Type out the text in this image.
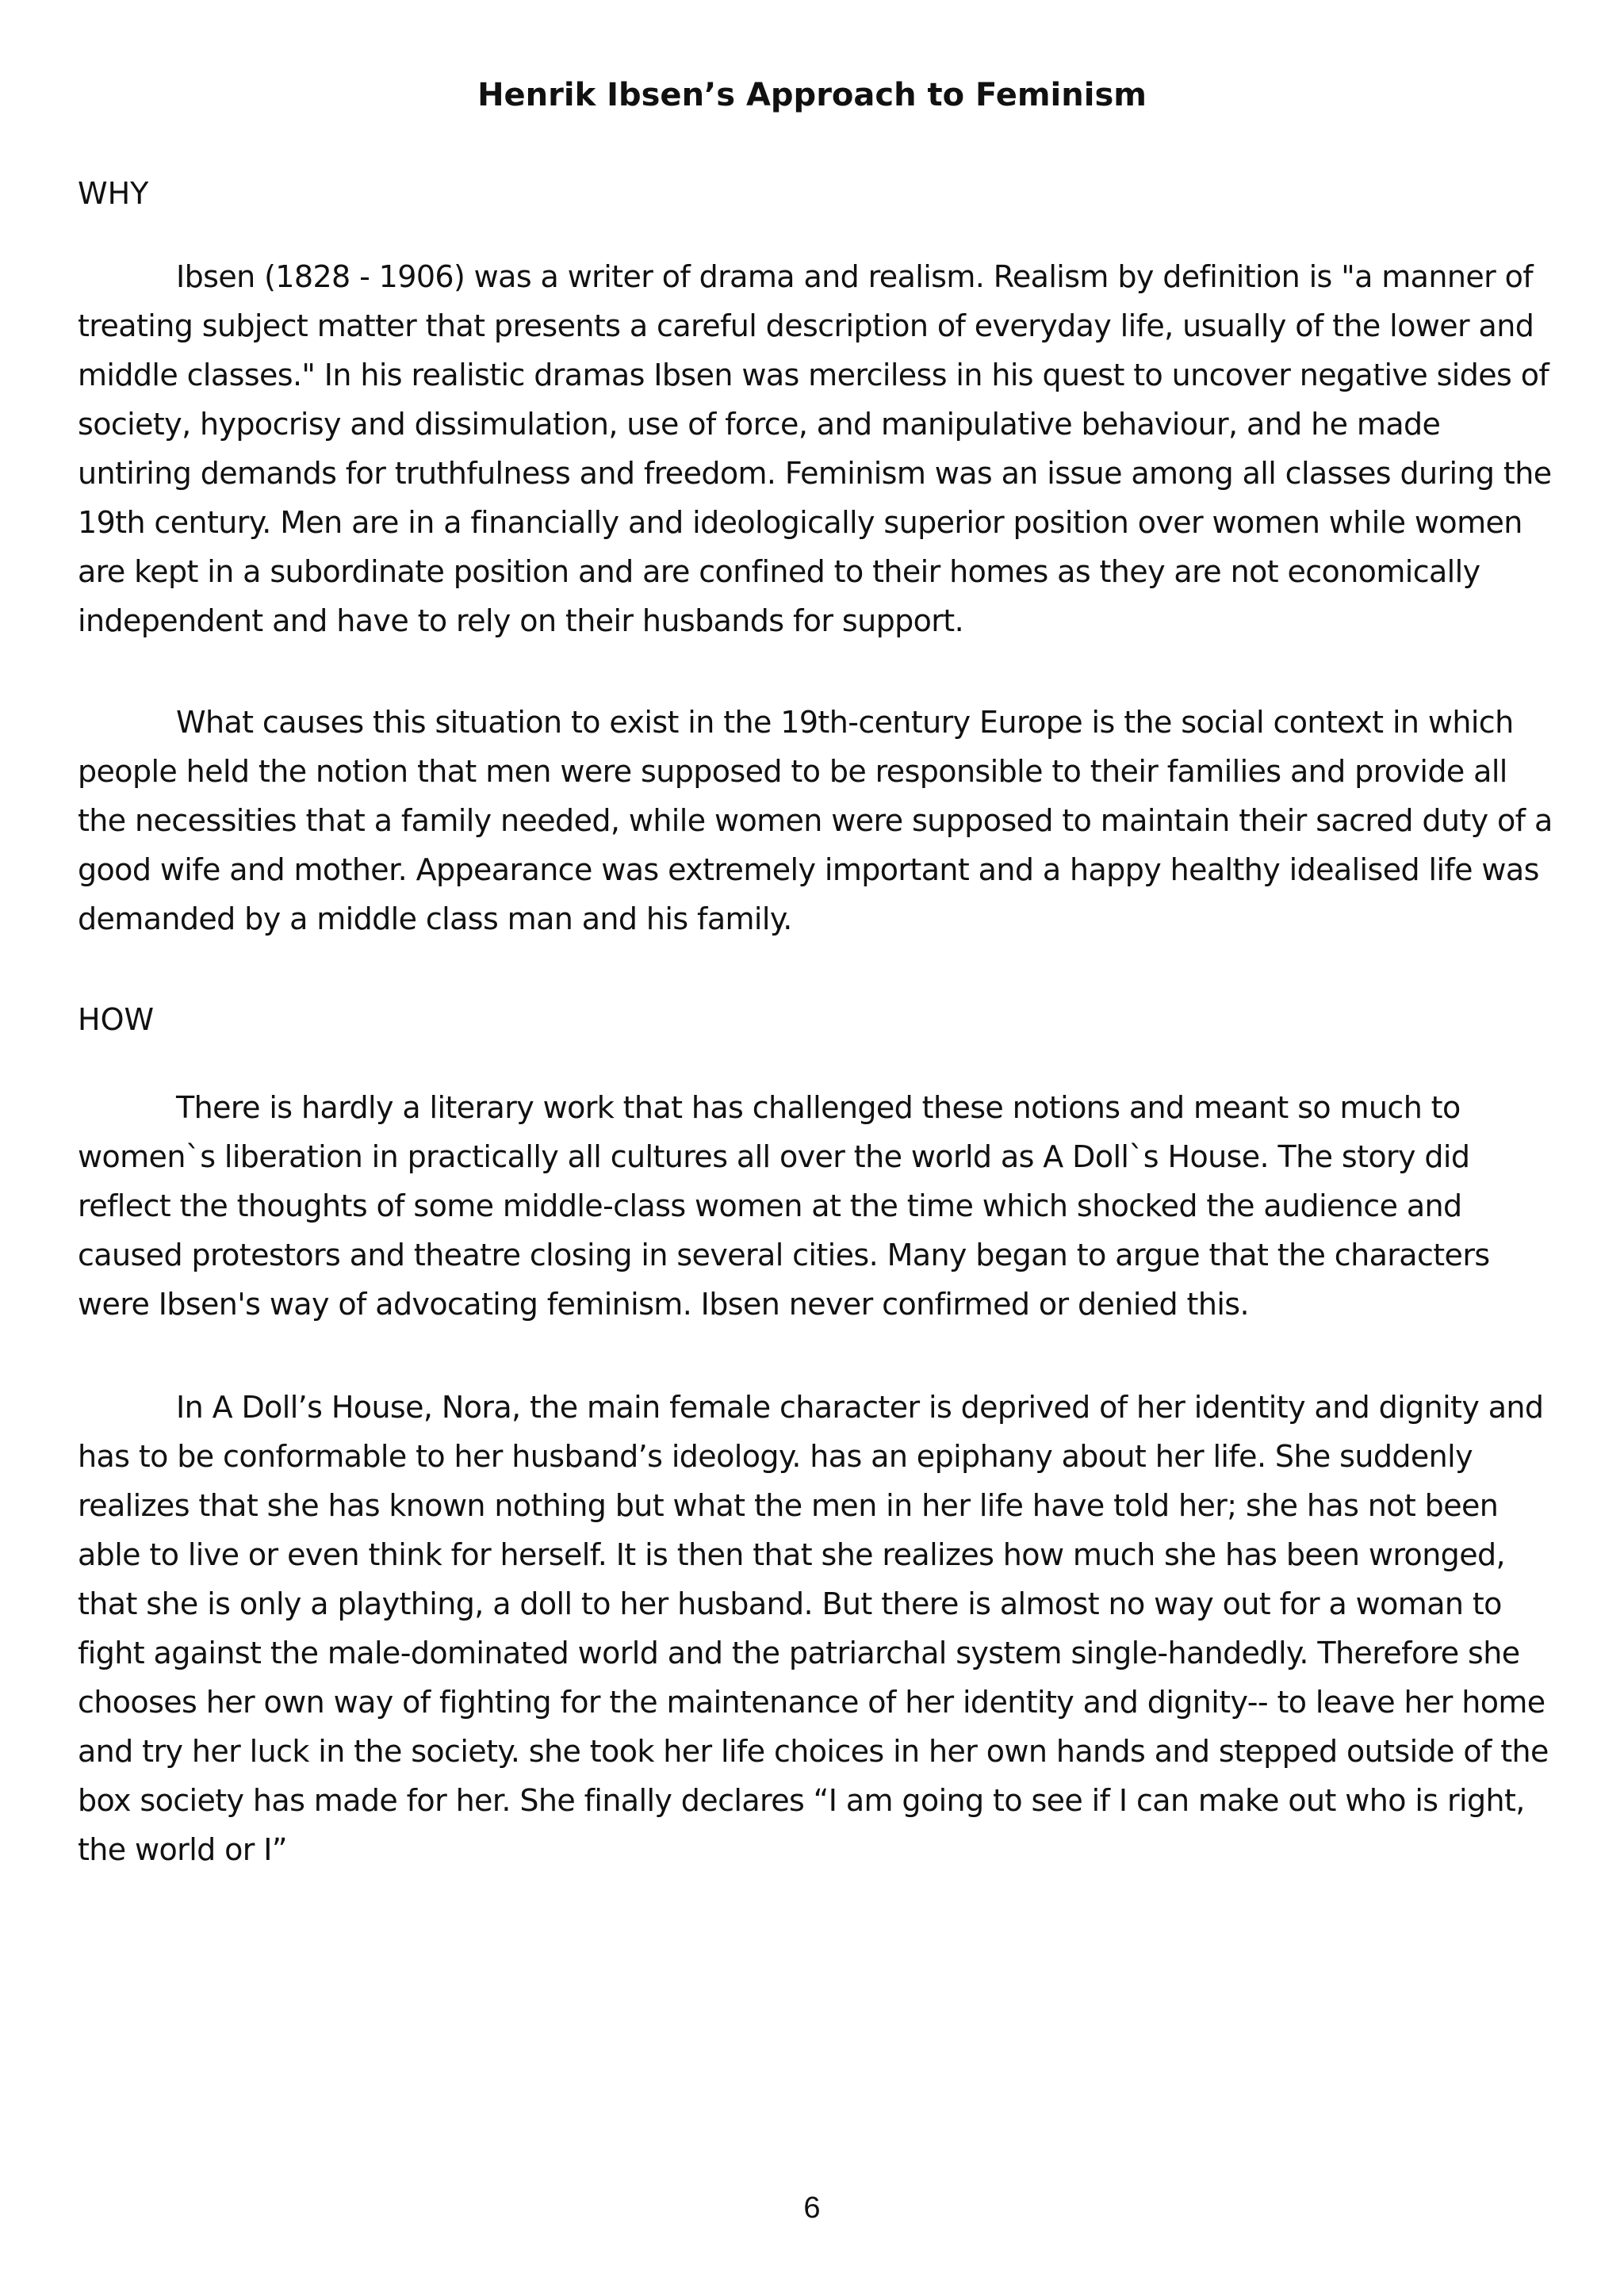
Henrik Ibsen’s Approach to Feminism
WHY

Ibsen (1828 - 1906) was a writer of drama and realism. Realism by definition is "a manner of treating subject matter that presents a careful description of everyday life, usually of the lower and middle classes." In his realistic dramas Ibsen was merciless in his quest to uncover negative sides of society, hypocrisy and dissimulation, use of force, and manipulative behaviour, and he made untiring demands for truthfulness and freedom. Feminism was an issue among all classes during the 19th century. Men are in a financially and ideologically superior position over women while women are kept in a subordinate position and are confined to their homes as they are not economically independent and have to rely on their husbands for support.

What causes this situation to exist in the 19th-century Europe is the social context in which people held the notion that men were supposed to be responsible to their families and provide all the necessities that a family needed, while women were supposed to maintain their sacred duty of a good wife and mother. Appearance was extremely important and a happy healthy idealised life was demanded by a middle class man and his family.

HOW

There is hardly a literary work that has challenged these notions and meant so much to women`s liberation in practically all cultures all over the world as A Doll`s House. The story did reflect the thoughts of some middle-class women at the time which shocked the audience and caused protestors and theatre closing in several cities. Many began to argue that the characters were Ibsen's way of advocating feminism. Ibsen never confirmed or denied this.

In A Doll’s House, Nora, the main female character is deprived of her identity and dignity and has to be conformable to her husband’s ideology. has an epiphany about her life. She suddenly realizes that she has known nothing but what the men in her life have told her; she has not been able to live or even think for herself. It is then that she realizes how much she has been wronged, that she is only a plaything, a doll to her husband. But there is almost no way out for a woman to fight against the male-dominated world and the patriarchal system single-handedly. Therefore she chooses her own way of fighting for the maintenance of her identity and dignity-- to leave her home and try her luck in the society. she took her life choices in her own hands and stepped outside of the box society has made for her. She finally declares “I am going to see if I can make out who is right, the world or I”

6
